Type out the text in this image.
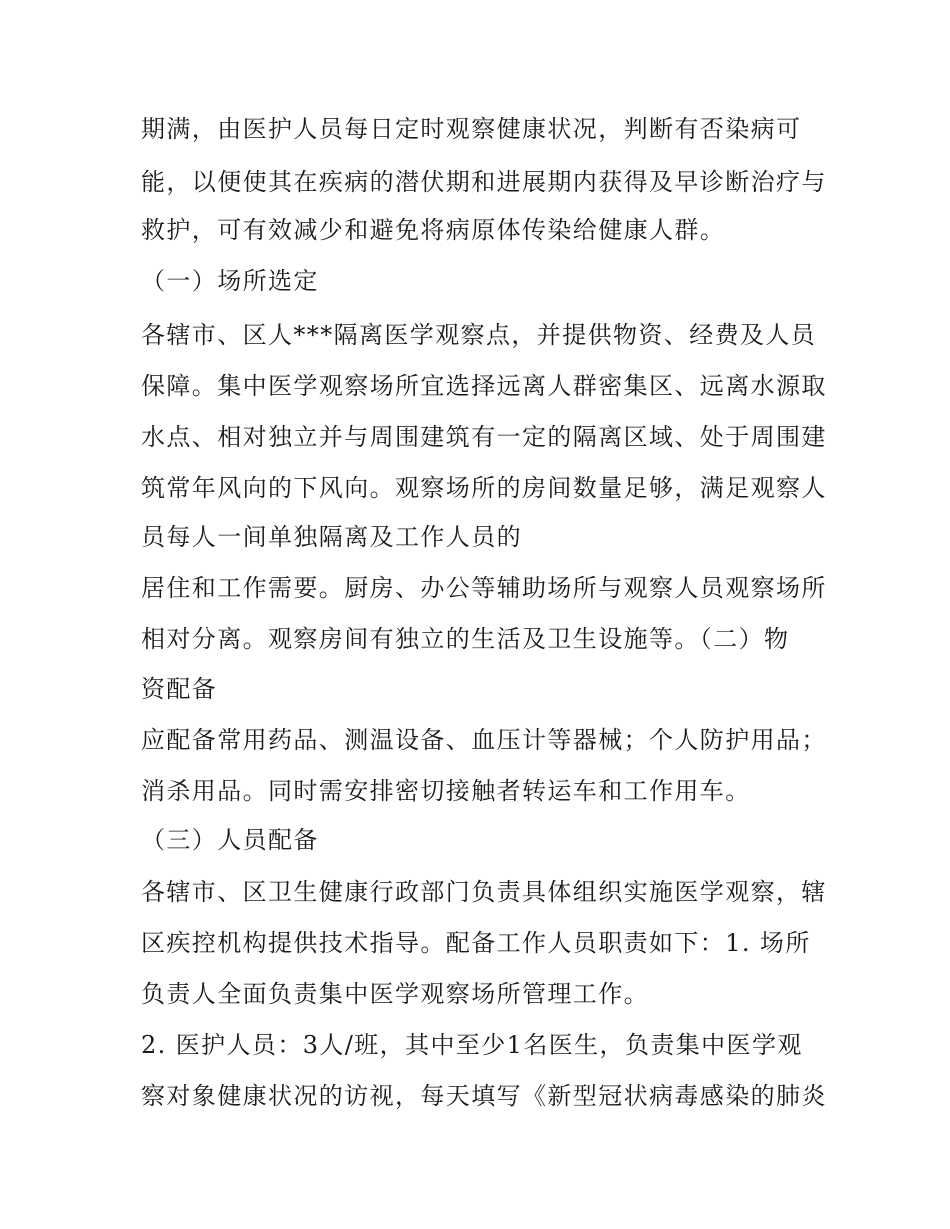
期满，由医护人员每日定时观察健康状况，判断有否染病可
能，以便使其在疾病的潜伏期和进展期内获得及早诊断治疗与
救护，可有效减少和避免将病原体传染给健康人群。
（一）场所选定
各辖市、区人***隔离医学观察点，并提供物资、经费及人员
保障。集中医学观察场所宜选择远离人群密集区、远离水源取
水点、相对独立并与周围建筑有一定的隔离区域、处于周围建
筑常年风向的下风向。观察场所的房间数量足够，满足观察人
员每人一间单独隔离及工作人员的
居住和工作需要。厨房、办公等辅助场所与观察人员观察场所
相对分离。观察房间有独立的生活及卫生设施等。（二）物
资配备
应配备常用药品、测温设备、血压计等器械；个人防护用品；
消杀用品。同时需安排密切接触者转运车和工作用车。
（三）人员配备
各辖市、区卫生健康行政部门负责具体组织实施医学观察，辖
区疾控机构提供技术指导。配备工作人员职责如下：1. 场所
负责人全面负责集中医学观察场所管理工作。
2. 医护人员：3人/班，其中至少1名医生，负责集中医学观
察对象健康状况的访视，每天填写《新型冠状病毒感染的肺炎
